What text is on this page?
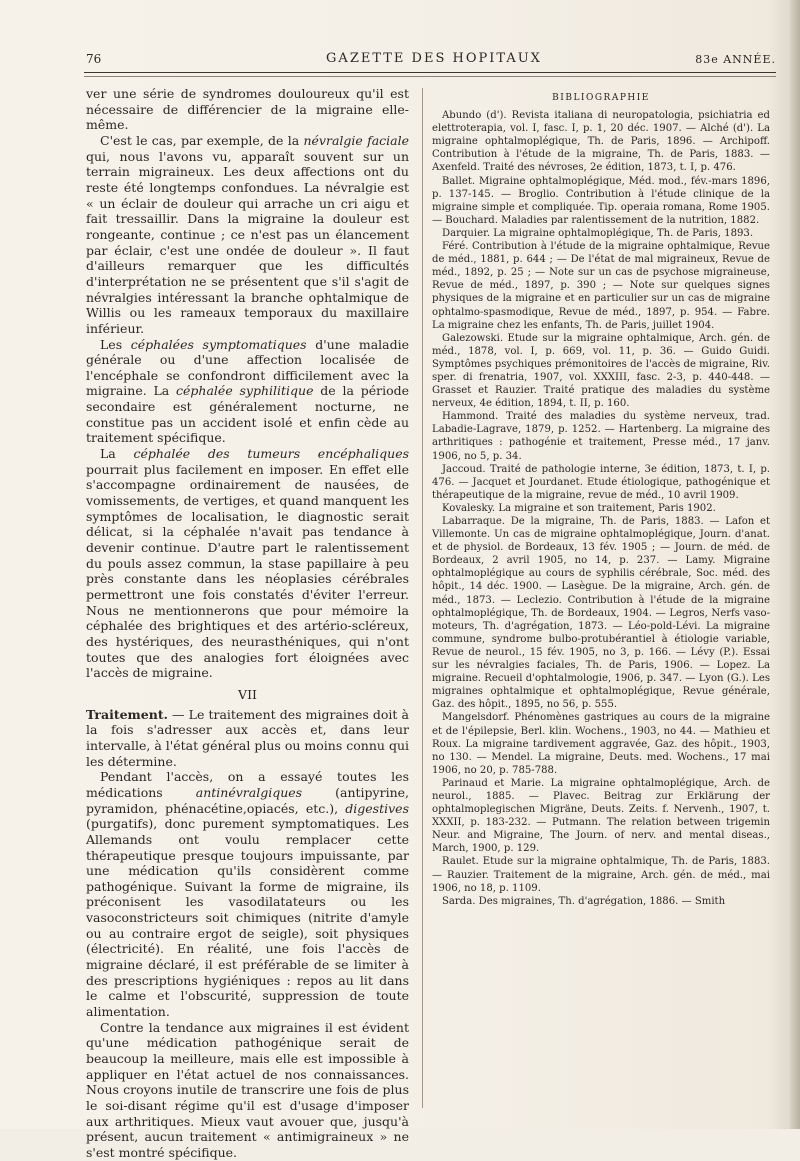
76	GAZETTE DES HOPITAUX	83e ANNÉE.

ver une série de syndromes douloureux qu'il est nécessaire de différencier de la migraine elle-même.

C'est le cas, par exemple, de la névralgie faciale qui, nous l'avons vu, apparaît souvent sur un terrain migraineux. Les deux affections ont du reste été longtemps confondues. La névralgie est « un éclair de douleur qui arrache un cri aigu et fait tressaillir. Dans la migraine la douleur est rongeante, continue ; ce n'est pas un élancement par éclair, c'est une ondée de douleur ». Il faut d'ailleurs remarquer que les difficultés d'interprétation ne se présentent que s'il s'agit de névralgies intéressant la branche ophtalmique de Willis ou les rameaux temporaux du maxillaire inférieur.

Les céphalées symptomatiques d'une maladie générale ou d'une affection localisée de l'encéphale se confondront difficilement avec la migraine. La céphalée syphilitique de la période secondaire est généralement nocturne, ne constitue pas un accident isolé et enfin cède au traitement spécifique.

La céphalée des tumeurs encéphaliques pourrait plus facilement en imposer. En effet elle s'accompagne ordinairement de nausées, de vomissements, de vertiges, et quand manquent les symptômes de localisation, le diagnostic serait délicat, si la céphalée n'avait pas tendance à devenir continue. D'autre part le ralentissement du pouls assez commun, la stase papillaire à peu près constante dans les néoplasies cérébrales permettront une fois constatés d'éviter l'erreur. Nous ne mentionnerons que pour mémoire la céphalée des brightiques et des artério-scléreux, des hystériques, des neurasthéniques, qui n'ont toutes que des analogies fort éloignées avec l'accès de migraine.

VII

Traitement. — Le traitement des migraines doit à la fois s'adresser aux accès et, dans leur intervalle, à l'état général plus ou moins connu qui les détermine.

Pendant l'accès, on a essayé toutes les médications antinévralgiques (antipyrine, pyramidon, phénacétine,opiacés, etc.), digestives (purgatifs), donc purement symptomatiques. Les Allemands ont voulu remplacer cette thérapeutique presque toujours impuissante, par une médication qu'ils considèrent comme pathogénique. Suivant la forme de migraine, ils préconisent les vasodilatateurs ou les vasoconstricteurs soit chimiques (nitrite d'amyle ou au contraire ergot de seigle), soit physiques (électricité). En réalité, une fois l'accès de migraine déclaré, il est préférable de se limiter à des prescriptions hygiéniques : repos au lit dans le calme et l'obscurité, suppression de toute alimentation.

Contre la tendance aux migraines il est évident qu'une médication pathogénique serait de beaucoup la meilleure, mais elle est impossible à appliquer en l'état actuel de nos connaissances. Nous croyons inutile de transcrire une fois de plus le soi-disant régime qu'il est d'usage d'imposer aux arthritiques. Mieux vaut avouer que, jusqu'à présent, aucun traitement « antimigraineux » ne s'est montré spécifique.

BIBLIOGRAPHIE

Abundo (d'). Revista italiana di neuropatologia, psichiatria ed elettroterapia, vol. I, fasc. I, p. 1, 20 déc. 1907. — Alché (d'). La migraine ophtalmoplégique, Th. de Paris, 1896. — Archipoff. Contribution à l'étude de la migraine, Th. de Paris, 1883. — Axenfeld. Traité des névroses, 2e édition, 1873, t. I, p. 476.

Ballet. Migraine ophtalmoplégique, Méd. mod., fév.-mars 1896, p. 137-145. — Broglio. Contribution à l'étude clinique de la migraine simple et compliquée. Tip. operaia romana, Rome 1905. — Bouchard. Maladies par ralentissement de la nutrition, 1882.

Darquier. La migraine ophtalmoplégique, Th. de Paris, 1893.

Féré. Contribution à l'étude de la migraine ophtalmique, Revue de méd., 1881, p. 644 ; — De l'état de mal migraineux, Revue de méd., 1892, p. 25 ; — Note sur un cas de psychose migraineuse, Revue de méd., 1897, p. 390 ; — Note sur quelques signes physiques de la migraine et en particulier sur un cas de migraine ophtalmo-spasmodique, Revue de méd., 1897, p. 954. — Fabre. La migraine chez les enfants, Th. de Paris, juillet 1904.

Galezowski. Etude sur la migraine ophtalmique, Arch. gén. de méd., 1878, vol. I, p. 669, vol. 11, p. 36. — Guido Guidi. Symptômes psychiques prémonitoires de l'accès de migraine, Riv. sper. di frenatria, 1907, vol. XXXIII, fasc. 2-3, p. 440-448. — Grasset et Rauzier. Traité pratique des maladies du système nerveux, 4e édition, 1894, t. II, p. 160.

Hammond. Traité des maladies du système nerveux, trad. Labadie-Lagrave, 1879, p. 1252. — Hartenberg. La migraine des arthritiques : pathogénie et traitement, Presse méd., 17 janv. 1906, no 5, p. 34.

Jaccoud. Traité de pathologie interne, 3e édition, 1873, t. I, p. 476. — Jacquet et Jourdanet. Etude étiologique, pathogénique et thérapeutique de la migraine, revue de méd., 10 avril 1909.

Kovalesky. La migraine et son traitement, Paris 1902.

Labarraque. De la migraine, Th. de Paris, 1883. — Lafon et Villemonte. Un cas de migraine ophtalmoplégique, Journ. d'anat. et de physiol. de Bordeaux, 13 fév. 1905 ; — Journ. de méd. de Bordeaux, 2 avril 1905, no 14, p. 237. — Lamy. Migraine ophtalmoplégique au cours de syphilis cérébrale, Soc. méd. des hôpit., 14 déc. 1900. — Lasègue. De la migraine, Arch. gén. de méd., 1873. — Leclezio. Contribution à l'étude de la migraine ophtalmoplégique, Th. de Bordeaux, 1904. — Legros, Nerfs vaso-moteurs, Th. d'agrégation, 1873. — Léo-pold-Lévi. La migraine commune, syndrome bulbo-protubérantiel à étiologie variable, Revue de neurol., 15 fév. 1905, no 3, p. 166. — Lévy (P.). Essai sur les névralgies faciales, Th. de Paris, 1906. — Lopez. La migraine. Recueil d'ophtalmologie, 1906, p. 347. — Lyon (G.). Les migraines ophtalmique et ophtalmoplégique, Revue générale, Gaz. des hôpit., 1895, no 56, p. 555.

Mangelsdorf. Phénomènes gastriques au cours de la migraine et de l'épilepsie, Berl. klin. Wochens., 1903, no 44. — Mathieu et Roux. La migraine tardivement aggravée, Gaz. des hôpit., 1903, no 130. — Mendel. La migraine, Deuts. med. Wochens., 17 mai 1906, no 20, p. 785-788.

Parinaud et Marie. La migraine ophtalmoplégique, Arch. de neurol., 1885. — Plavec. Beitrag zur Erklärung der ophtalmoplegischen Migräne, Deuts. Zeits. f. Nervenh., 1907, t. XXXII, p. 183-232. — Putmann. The relation between trigemin Neur. and Migraine, The Journ. of nerv. and mental diseas., March, 1900, p. 129.

Raulet. Etude sur la migraine ophtalmique, Th. de Paris, 1883. — Rauzier. Traitement de la migraine, Arch. gén. de méd., mai 1906, no 18, p. 1109.

Sarda. Des migraines, Th. d'agrégation, 1886. — Smith
